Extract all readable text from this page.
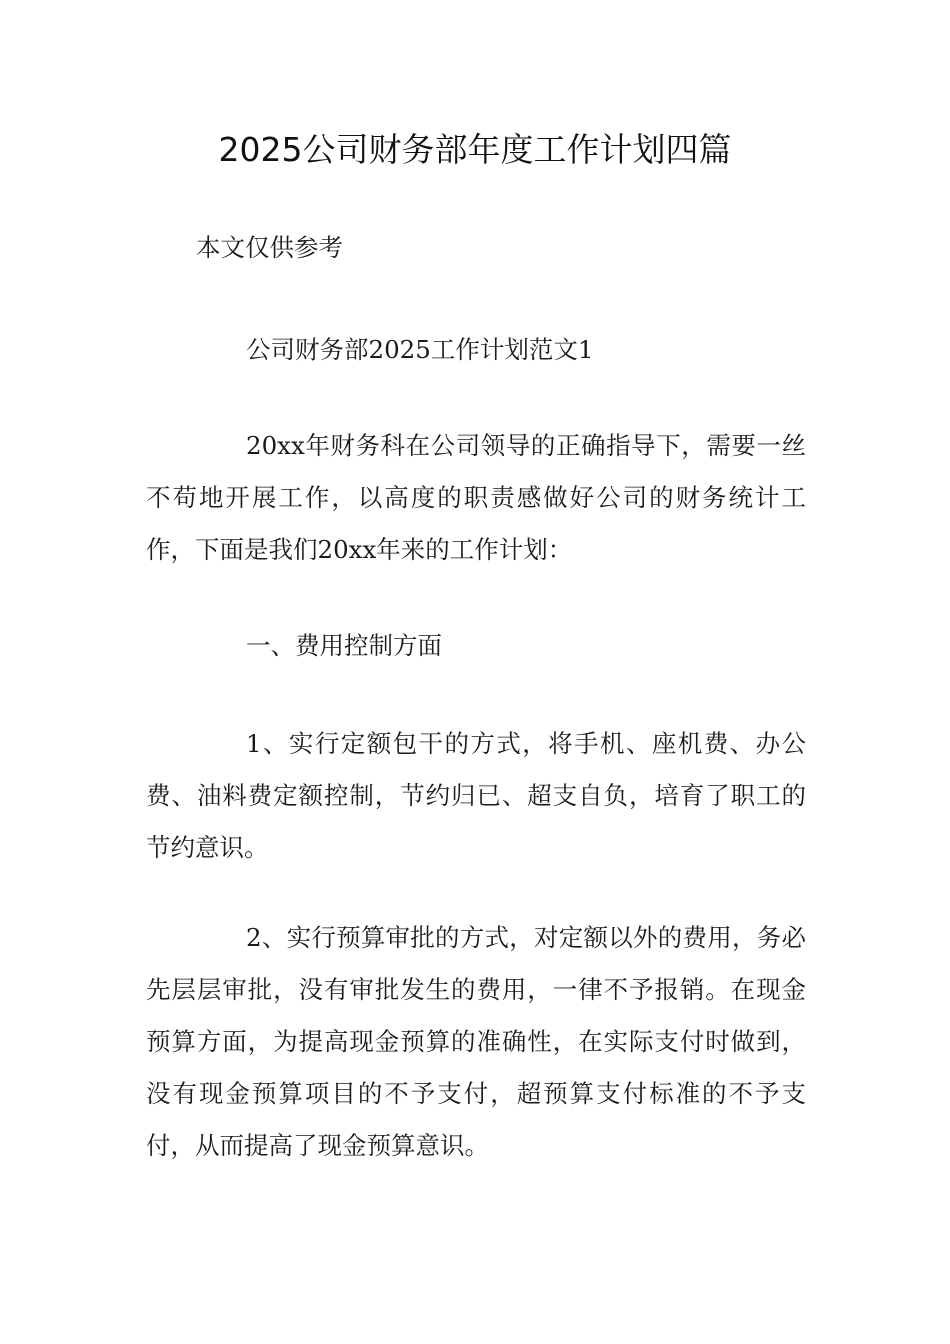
2025公司财务部年度工作计划四篇

本文仅供参考

公司财务部2025工作计划范文1

20xx年财务科在公司领导的正确指导下，需要一丝不苟地开展工作，以高度的职责感做好公司的财务统计工作，下面是我们20xx年来的工作计划：

一、费用控制方面

1、实行定额包干的方式，将手机、座机费、办公费、油料费定额控制，节约归已、超支自负，培育了职工的节约意识。

2、实行预算审批的方式，对定额以外的费用，务必先层层审批，没有审批发生的费用，一律不予报销。在现金预算方面，为提高现金预算的准确性，在实际支付时做到，没有现金预算项目的不予支付，超预算支付标准的不予支付，从而提高了现金预算意识。
